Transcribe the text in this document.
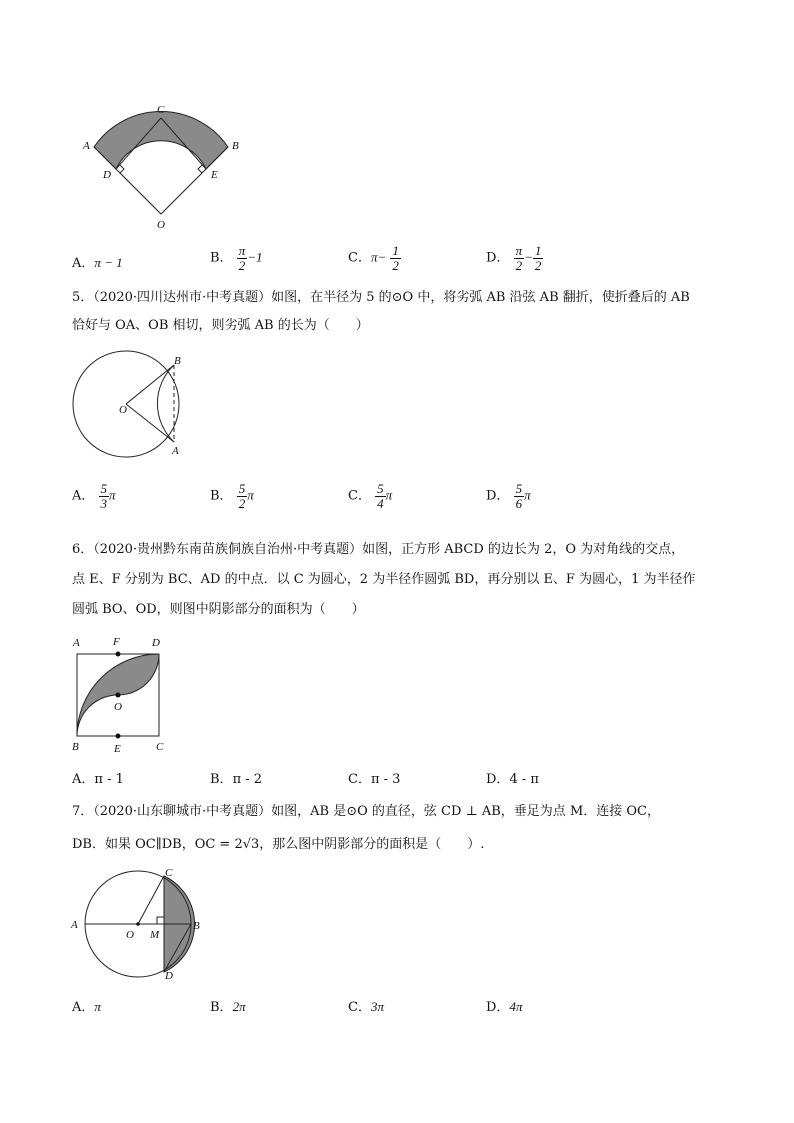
A
C
B
D	E
O
A．π − 1	B． $\frac{\pi}{2} -1$	C．$\pi- \frac{1}{2}$	D． $\frac{\pi}{2} - \frac{1}{2}$
5．（2020·四川达州市·中考真题）如图，在半径为 5 的⊙O 中，将劣弧 AB 沿弦 AB 翻折，使折叠后的 AB
恰好与 OA、OB 相切，则劣弧 AB 的长为（　　）
B
O
A
A． $\frac{5}{3}$ π	B． $\frac{5}{2}$ π	C． $\frac{5}{4}$ π	D． $\frac{5}{6}$ π
6．（2020·贵州黔东南苗族侗族自治州·中考真题）如图，正方形 ABCD 的边长为 2，O 为对角线的交点，
点 E、F 分别为 BC、AD 的中点．以 C 为圆心，2 为半径作圆弧 BD，再分别以 E、F 为圆心，1 为半径作
圆弧 BO、OD，则图中阴影部分的面积为（　　）
A	F	D
O
B	E	C
A．π - 1	B．π - 2	C．π - 3	D．4 - π
7．（2020·山东聊城市·中考真题）如图，AB 是⊙O 的直径，弦 CD ⊥ AB，垂足为点 M．连接 OC，
DB．如果 OC∥DB，OC = 2√3，那么图中阴影部分的面积是（　　）.
C
A
O M
B
D
A．π	B．2π	C．3π	D．4π
